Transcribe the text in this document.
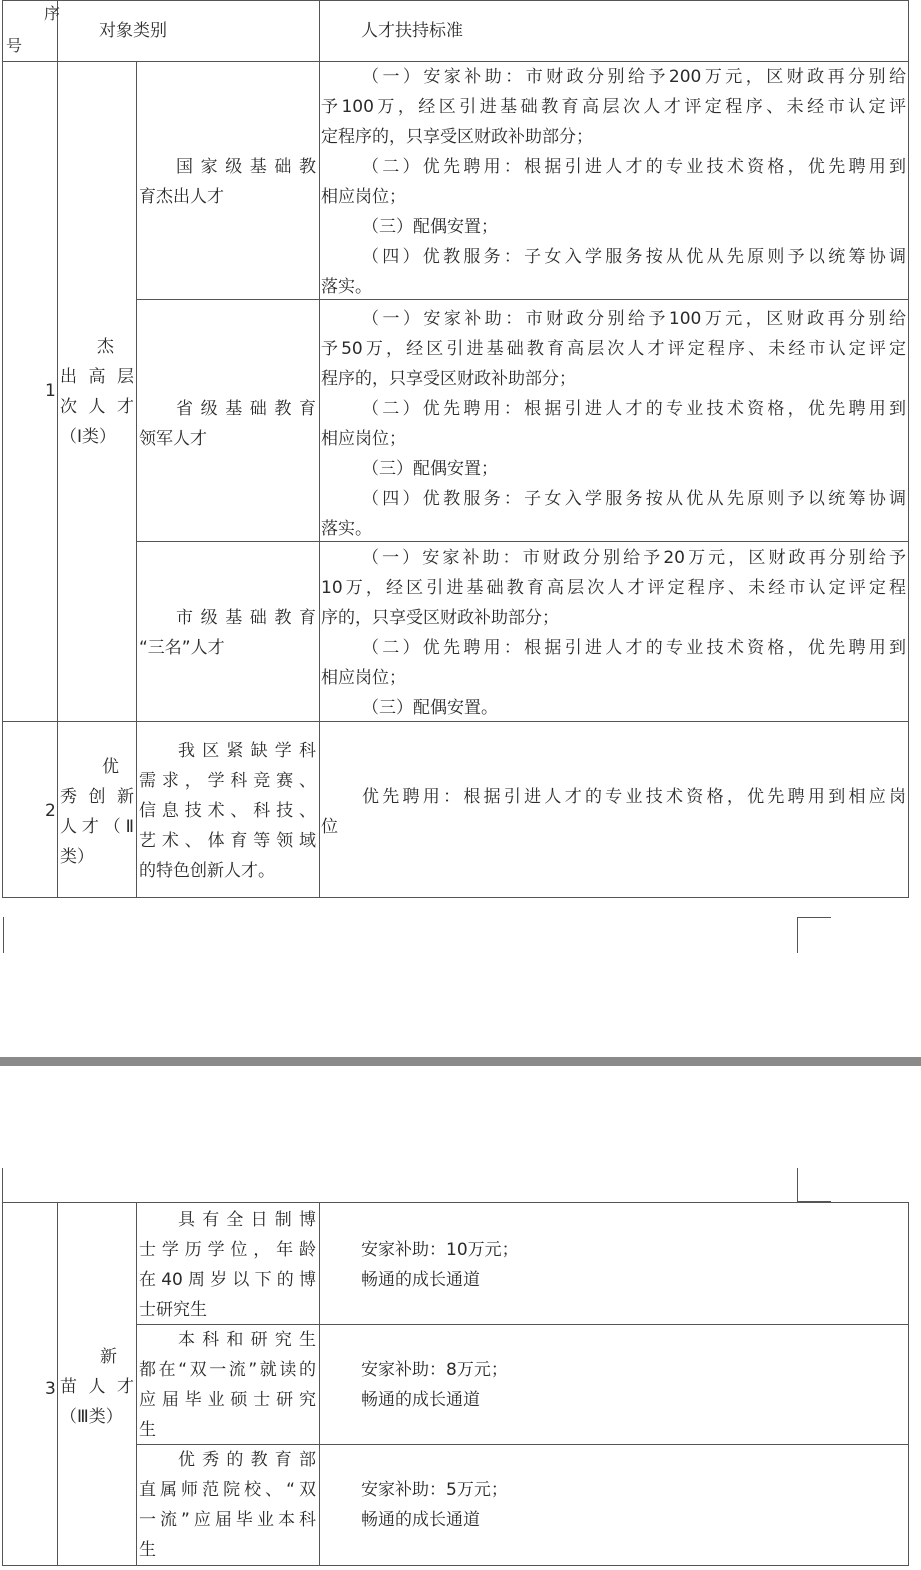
序
号
对象类别	人才扶持标准
1
杰
出 高 层
次 人 才
（Ⅰ类）
国家级基础教
育杰出人才
（一）安家补助：市财政分别给予200万元，区财政再分别给
予100万，经区引进基础教育高层次人才评定程序、未经市认定评
定程序的，只享受区财政补助部分；
（二）优先聘用：根据引进人才的专业技术资格，优先聘用到
相应岗位；
（三）配偶安置；
（四）优教服务：子女入学服务按从优从先原则予以统筹协调
落实。
省级基础教育
领军人才
（一）安家补助：市财政分别给予100万元，区财政再分别给
予50万，经区引进基础教育高层次人才评定程序、未经市认定评定
程序的，只享受区财政补助部分；
（二）优先聘用：根据引进人才的专业技术资格，优先聘用到
相应岗位；
（三）配偶安置；
（四）优教服务：子女入学服务按从优从先原则予以统筹协调
落实。
市级基础教育
“三名”人才
（一）安家补助：市财政分别给予20万元，区财政再分别给予
10万，经区引进基础教育高层次人才评定程序、未经市认定评定程
序的，只享受区财政补助部分；
（二）优先聘用：根据引进人才的专业技术资格，优先聘用到
相应岗位；
（三）配偶安置。
2
优
秀 创 新
人才（Ⅱ
类）
我区紧缺学科
需求，学科竞赛、
信息技术、科技、
艺术、体育等领域
的特色创新人才。
优先聘用：根据引进人才的专业技术资格，优先聘用到相应岗
位
3
新
苗 人 才
（Ⅲ类）
具有全日制博
士学历学位，年龄
在40周岁以下的博
士研究生
安家补助：10万元；
畅通的成长通道
本科和研究生
都在“双一流”就读的
应届毕业硕士研究
生
安家补助：8万元；
畅通的成长通道
优秀的教育部
直属师范院校、“双
一流”应届毕业本科
生
安家补助：5万元；
畅通的成长通道
